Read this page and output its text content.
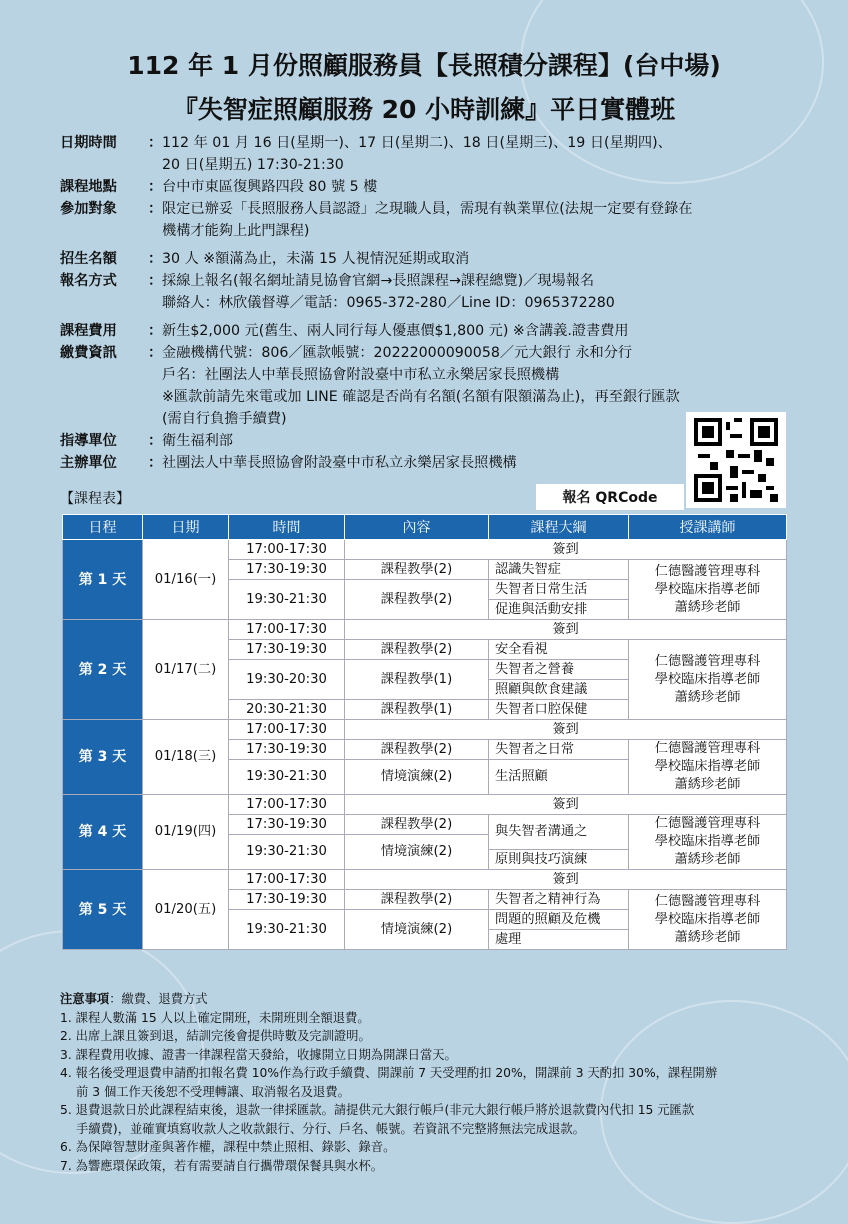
112 年 1 月份照顧服務員【長照積分課程】(台中場)
『失智症照顧服務 20 小時訓練』平日實體班
日期時間	： 112 年 01 月 16 日(星期一)、17 日(星期二)、18 日(星期三)、19 日(星期四)、
20 日(星期五) 17:30-21:30
課程地點	： 台中市東區復興路四段 80 號 5 樓
參加對象	： 限定已辦妥「長照服務人員認證」之現職人員，需現有執業單位(法規一定要有登錄在
機構才能夠上此門課程)
招生名額	： 30 人 ※額滿為止，未滿 15 人視情況延期或取消
報名方式	： 採線上報名(報名網址請見協會官網→長照課程→課程總覽)／現場報名
聯絡人：林欣儀督導／電話：0965-372-280／Line ID：0965372280
課程費用	： 新生$2,000 元(舊生、兩人同行每人優惠價$1,800 元) ※含講義.證書費用
繳費資訊	： 金融機構代號：806／匯款帳號：20222000090058／元大銀行 永和分行
戶名：社團法人中華長照協會附設臺中市私立永樂居家長照機構
※匯款前請先來電或加 LINE 確認是否尚有名額(名額有限額滿為止)，再至銀行匯款
(需自行負擔手續費)
指導單位	： 衛生福利部
主辦單位	： 社團法人中華長照協會附設臺中市私立永樂居家長照機構
報名 QRCode
【課程表】
日程	日期	時間	內容	課程大綱	授課講師
第 1 天	01/16(一)	17:00-17:30	簽到		
		17:30-19:30	課程教學(2)	認識失智症	仁德醫護管理專科
學校臨床指導老師
蕭綉珍老師
		19:30-21:30	課程教學(2)	失智者日常生活	
				促進與活動安排	
第 2 天	01/17(二)	17:00-17:30	簽到		
		17:30-19:30	課程教學(2)	安全看視	仁德醫護管理專科
學校臨床指導老師
蕭綉珍老師
		19:30-20:30	課程教學(1)	失智者之營養	

				照顧與飲食建議	
		20:30-21:30	課程教學(1)	失智者口腔保健	
第 3 天	01/18(三)	17:00-17:30	簽到		
		17:30-19:30	課程教學(2)	失智者之日常	仁德醫護管理專科
學校臨床指導老師
蕭綉珍老師
		19:30-21:30	情境演練(2)	生活照顧	

第 4 天	01/19(四)	17:00-17:30	簽到		
		17:30-19:30	課程教學(2)	與失智者溝通之	仁德醫護管理專科
學校臨床指導老師
蕭綉珍老師
		19:30-21:30	情境演練(2)		
				原則與技巧演練	
第 5 天	01/20(五)	17:00-17:30	簽到		
		17:30-19:30	課程教學(2)	失智者之精神行為	仁德醫護管理專科
學校臨床指導老師
蕭綉珍老師
		19:30-21:30	情境演練(2)	問題的照顧及危機	
				處理	
注意事項：繳費、退費方式
1. 課程人數滿 15 人以上確定開班，未開班則全額退費。
2. 出席上課且簽到退，結訓完後會提供時數及完訓證明。
3. 課程費用收據、證書一律課程當天發給，收據開立日期為開課日當天。
4. 報名後受理退費申請酌扣報名費 10%作為行政手續費、開課前 7 天受理酌扣 20%，開課前 3 天酌扣 30%，課程開辦
前 3 個工作天後恕不受理轉讓、取消報名及退費。
5. 退費退款日於此課程結束後，退款一律採匯款。請提供元大銀行帳戶(非元大銀行帳戶將於退款費內代扣 15 元匯款
手續費)，並確實填寫收款人之收款銀行、分行、戶名、帳號。若資訊不完整將無法完成退款。
6. 為保障智慧財產與著作權，課程中禁止照相、錄影、錄音。
7. 為響應環保政策，若有需要請自行攜帶環保餐具與水杯。
